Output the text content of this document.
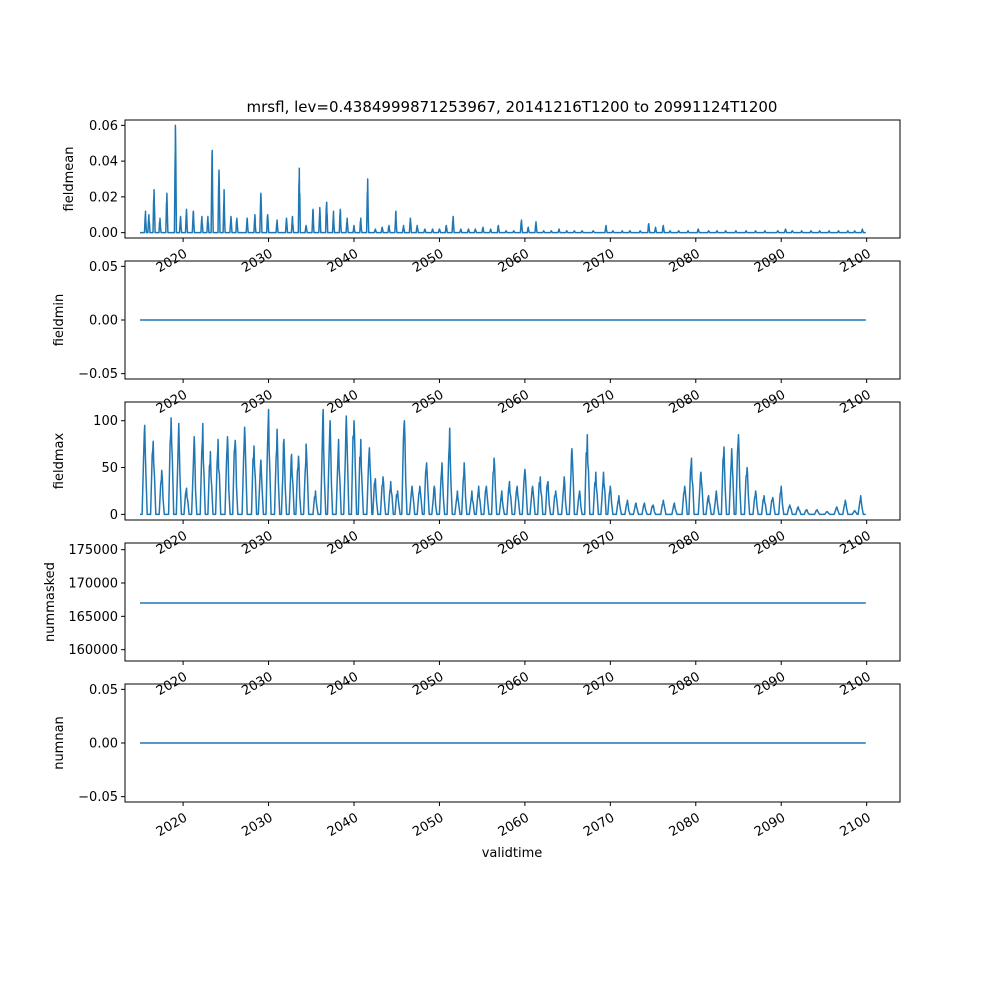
mrsfl, lev=0.4384999871253967, 20141216T1200 to 20991124T1200
validtime
0.00
0.02
0.04
0.06
2020	2030	2040	2050	2060	2070	2080	2090	2100
fieldmean
−0.05
0.00
0.05
2020	2030	2040	2050	2060	2070	2080	2090	2100
fieldmin
0
50
100
2020	2030	2040	2050	2060	2070	2080	2090	2100
fieldmax
160000
165000
170000
175000
2020	2030	2040	2050	2060	2070	2080	2090	2100
nummasked
−0.05
0.00
0.05
2020	2030	2040	2050	2060	2070	2080	2090	2100
numnan
